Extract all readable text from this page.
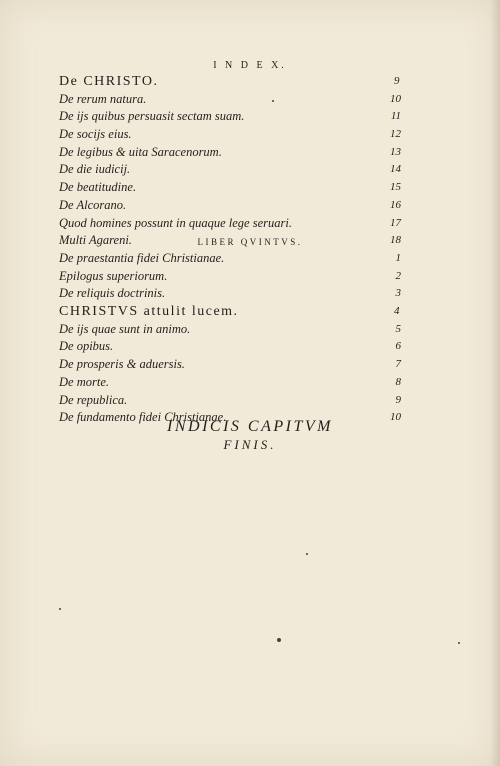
I N D E X.
De CHRISTO.	9
De rerum natura.	10
De ijs quibus persuasit sectam suam.	11
De socijs eius.	12
De legibus & uita Saracenorum.	13
De die iudicij.	14
De beatitudine.	15
De Alcorano.	16
Quod homines possunt in quaque lege seruari.	17
Multi Agareni.	18
LIBER QVINTVS.
De praestantia fidei Christianae.	1
Epilogus superiorum.	2
De reliquis doctrinis.	3
CHRISTVS attulit lucem.	4
De ijs quae sunt in animo.	5
De opibus.	6
De prosperis & aduersis.	7
De morte.	8
De republica.	9
De fundamento fidei Christianae.	10
INDICIS CAPITVM
FINIS.
